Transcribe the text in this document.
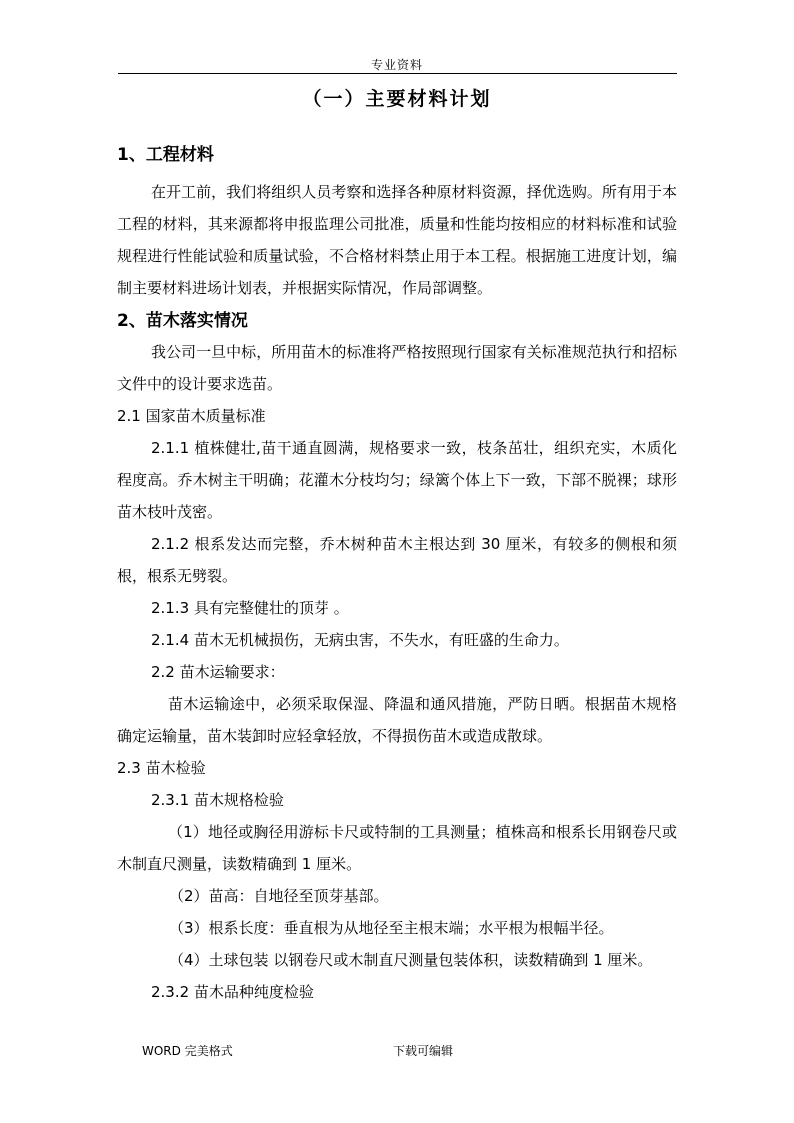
专业资料
（一）主要材料计划
1、工程材料

在开工前，我们将组织人员考察和选择各种原材料资源，择优选购。所有用于本工程的材料，其来源都将申报监理公司批准，质量和性能均按相应的材料标准和试验规程进行性能试验和质量试验，不合格材料禁止用于本工程。根据施工进度计划，编制主要材料进场计划表，并根据实际情况，作局部调整。

2、苗木落实情况

我公司一旦中标，所用苗木的标准将严格按照现行国家有关标准规范执行和招标文件中的设计要求选苗。

2.1 国家苗木质量标准

2.1.1 植株健壮,苗干通直圆满，规格要求一致，枝条茁壮，组织充实，木质化程度高。乔木树主干明确；花灌木分枝均匀；绿篱个体上下一致，下部不脱裸；球形苗木枝叶茂密。

2.1.2 根系发达而完整，乔木树种苗木主根达到 30 厘米，有较多的侧根和须根，根系无劈裂。

2.1.3 具有完整健壮的顶芽 。

2.1.4 苗木无机械损伤，无病虫害，不失水，有旺盛的生命力。

2.2 苗木运输要求：

苗木运输途中，必须采取保湿、降温和通风措施，严防日晒。根据苗木规格确定运输量，苗木装卸时应轻拿轻放，不得损伤苗木或造成散球。

2.3 苗木检验

2.3.1 苗木规格检验

（1）地径或胸径用游标卡尺或特制的工具测量；植株高和根系长用钢卷尺或木制直尺测量，读数精确到 1 厘米。

（2）苗高：自地径至顶芽基部。

（3）根系长度：垂直根为从地径至主根末端；水平根为根幅半径。

（4）土球包装 以钢卷尺或木制直尺测量包装体积，读数精确到 1 厘米。

2.3.2 苗木品种纯度检验

WORD 完美格式	下载可编辑
